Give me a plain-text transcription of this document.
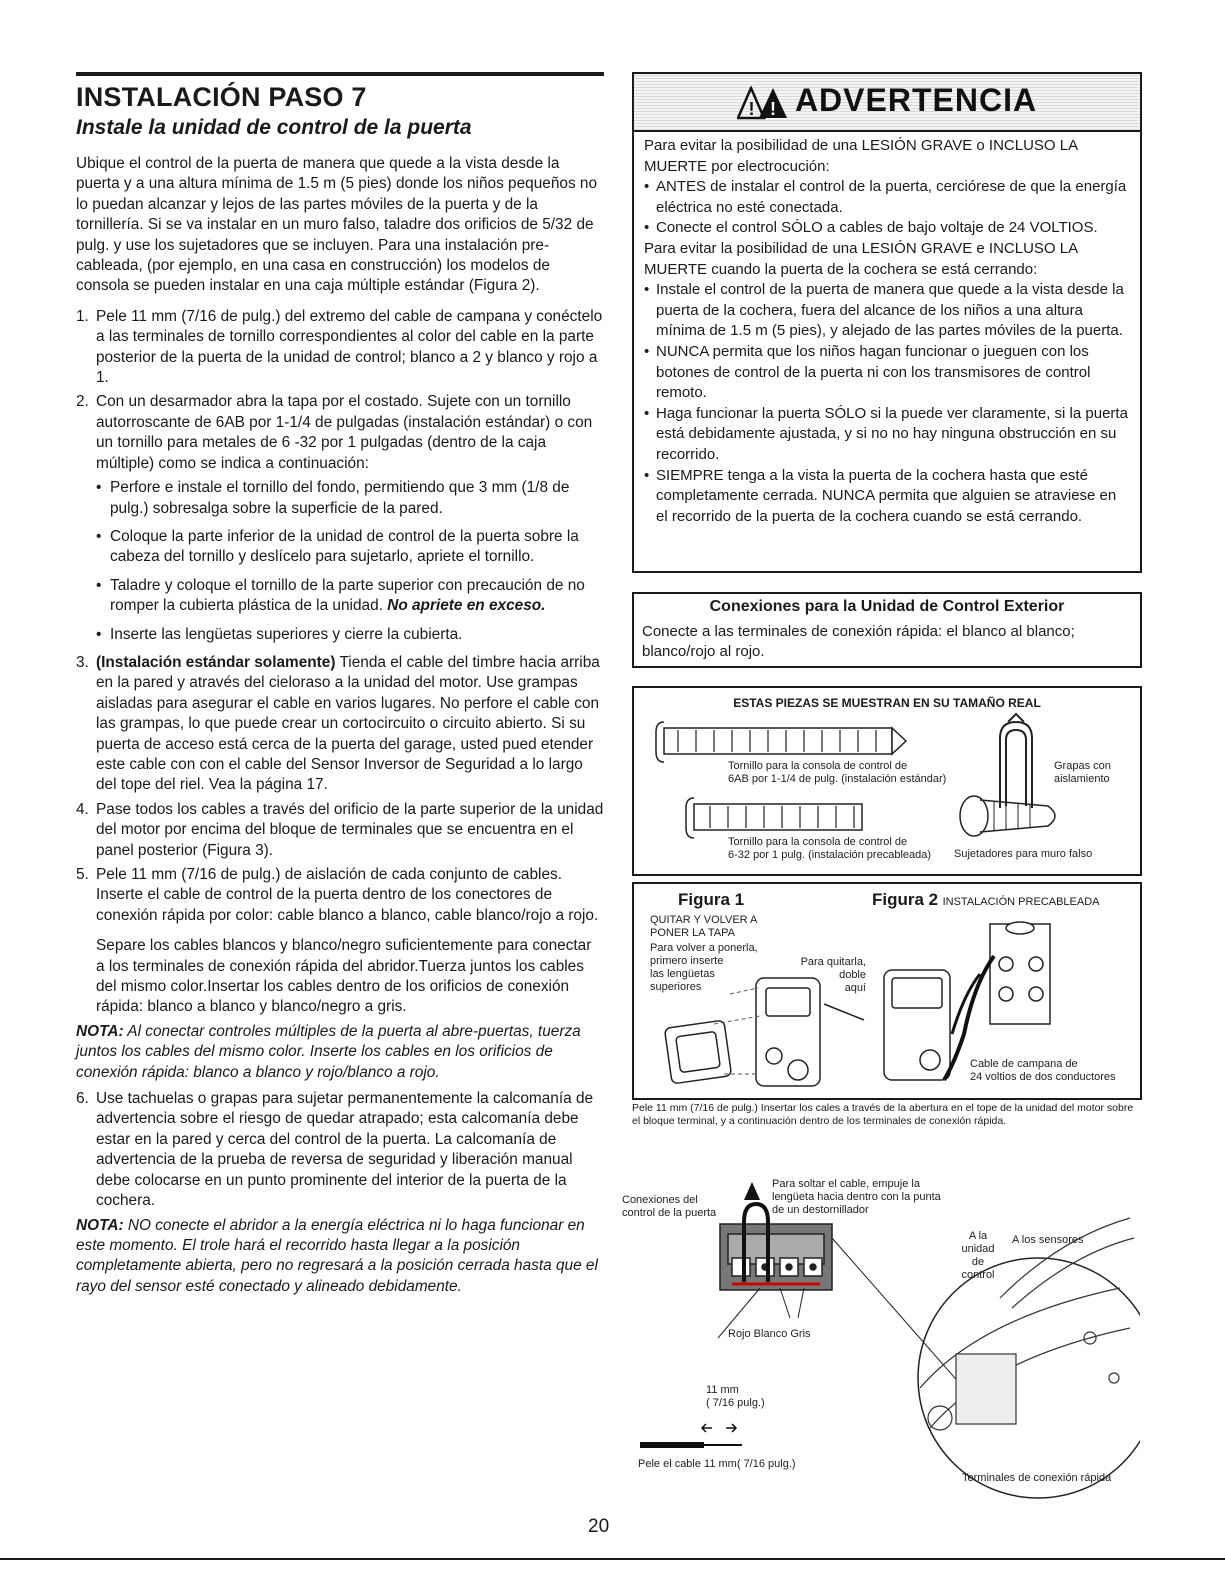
INSTALACIÓN PASO 7
Instale la unidad de control de la puerta

Ubique el control de la puerta de manera que quede a la vista desde la puerta y a una altura mínima de 1.5 m (5 pies) donde los niños pequeños no lo puedan alcanzar y lejos de las partes móviles de la puerta y de la tornillería. Si se va instalar en un muro falso, taladre dos orificios de 5/32 de pulg. y use los sujetadores que se incluyen. Para una instalación pre-cableada, (por ejemplo, en una casa en construcción) los modelos de consola se pueden instalar en una caja múltiple estándar (Figura 2).

1. Pele 11 mm (7/16 de pulg.) del extremo del cable de campana y conéctelo a las terminales de tornillo correspondientes al color del cable en la parte posterior de la puerta de la unidad de control; blanco a 2 y blanco y rojo a 1.
2. Con un desarmador abra la tapa por el costado. Sujete con un tornillo autorroscante de 6AB por 1-1/4 de pulgadas (instalación estándar) o con un tornillo para metales de 6 -32 por 1 pulgadas (dentro de la caja múltiple) como se indica a continuación:
• Perfore e instale el tornillo del fondo, permitiendo que 3 mm (1/8 de pulg.) sobresalga sobre la superficie de la pared.
• Coloque la parte inferior de la unidad de control de la puerta sobre la cabeza del tornillo y deslícelo para sujetarlo, apriete el tornillo.
• Taladre y coloque el tornillo de la parte superior con precaución de no romper la cubierta plástica de la unidad. No apriete en exceso.
• Inserte las lengüetas superiores y cierre la cubierta.
3. (Instalación estándar solamente) Tienda el cable del timbre hacia arriba en la pared y através del cieloraso a la unidad del motor. Use grampas aisladas para asegurar el cable en varios lugares. No perfore el cable con las grampas, lo que puede crear un cortocircuito o circuito abierto. Si su puerta de acceso está cerca de la puerta del garage, usted pued etender este cable con con el cable del Sensor Inversor de Seguridad a lo largo del tope del riel. Vea la página 17.
4. Pase todos los cables a través del orificio de la parte superior de la unidad del motor por encima del bloque de terminales que se encuentra en el panel posterior (Figura 3).
5. Pele 11 mm (7/16 de pulg.) de aislación de cada conjunto de cables. Inserte el cable de control de la puerta dentro de los conectores de conexión rápida por color: cable blanco a blanco, cable blanco/rojo a rojo.
Separe los cables blancos y blanco/negro suficientemente para conectar a los terminales de conexión rápida del abridor.Tuerza juntos los cables del mismo color.Insertar los cables dentro de los orificios de conexión rápida: blanco a blanco y blanco/negro a gris.
NOTA: Al conectar controles múltiples de la puerta al abre-puertas, tuerza juntos los cables del mismo color. Inserte los cables en los orificios de conexión rápida: blanco a blanco y rojo/blanco a rojo.
6. Use tachuelas o grapas para sujetar permanentemente la calcomanía de advertencia sobre el riesgo de quedar atrapado; esta calcomanía debe estar en la pared y cerca del control de la puerta. La calcomanía de advertencia de la prueba de reversa de seguridad y liberación manual debe colocarse en un punto prominente del interior de la puerta de la cochera.
NOTA: NO conecte el abridor a la energía eléctrica ni lo haga funcionar en este momento. El trole hará el recorrido hasta llegar a la posición completamente abierta, pero no regresará a la posición cerrada hasta que el rayo del sensor esté conectado y alineado debidamente.
! ! ADVERTENCIA

Para evitar la posibilidad de una LESIÓN GRAVE o INCLUSO LA MUERTE por electrocución:

• ANTES de instalar el control de la puerta, cerciórese de que la energía eléctrica no esté conectada.
• Conecte el control SÓLO a cables de bajo voltaje de 24 VOLTIOS.

Para evitar la posibilidad de una LESIÓN GRAVE e INCLUSO LA MUERTE cuando la puerta de la cochera se está cerrando:

• Instale el control de la puerta de manera que quede a la vista desde la puerta de la cochera, fuera del alcance de los niños a una altura mínima de 1.5 m (5 pies), y alejado de las partes móviles de la puerta.
• NUNCA permita que los niños hagan funcionar o jueguen con los botones de control de la puerta ni con los transmisores de control remoto.
• Haga funcionar la puerta SÓLO si la puede ver claramente, si la puerta está debidamente ajustada, y si no no hay ninguna obstrucción en su recorrido.
• SIEMPRE tenga a la vista la puerta de la cochera hasta que esté completamente cerrada. NUNCA permita que alguien se atraviese en el recorrido de la puerta de la cochera cuando se está cerrando.
Conexiones para la Unidad de Control Exterior
Conecte a las terminales de conexión rápida: el blanco al blanco; blanco/rojo al rojo.
ESTAS PIEZAS SE MUESTRAN EN SU TAMAÑO REAL
Tornillo para la consola de control de
6AB por 1-1/4 de pulg. (instalación estándar)
Grapas con
aislamiento
Tornillo para la consola de control de
6-32 por 1 pulg. (instalación precableada) Sujetadores para muro falso
Figura 1	Figura 2 INSTALACIÓN PRECABLEADA
QUITAR Y VOLVER A
PONER LA TAPA
Para volver a ponerla,
primero inserte
las lengüetas
superiores
Para quitarla,
doble
aquí
Cable de campana de
24 voltios de dos conductores
Pele 11 mm (7/16 de pulg.) Insertar los cales a través de la abertura en el tope de la unidad del motor sobre el bloque terminal, y a continuación dentro de los terminales de conexión rápida.
Para soltar el cable, empuje la
lengüeta hacia dentro con la punta
de un destornillador
Conexiones del
control de la puerta
Rojo Blanco Gris
11 mm
( 7/16 pulg.)
Pele el cable 11 mm( 7/16 pulg.)
A la
unidad
de control
A los sensores
Terminales de conexión rápida
20
